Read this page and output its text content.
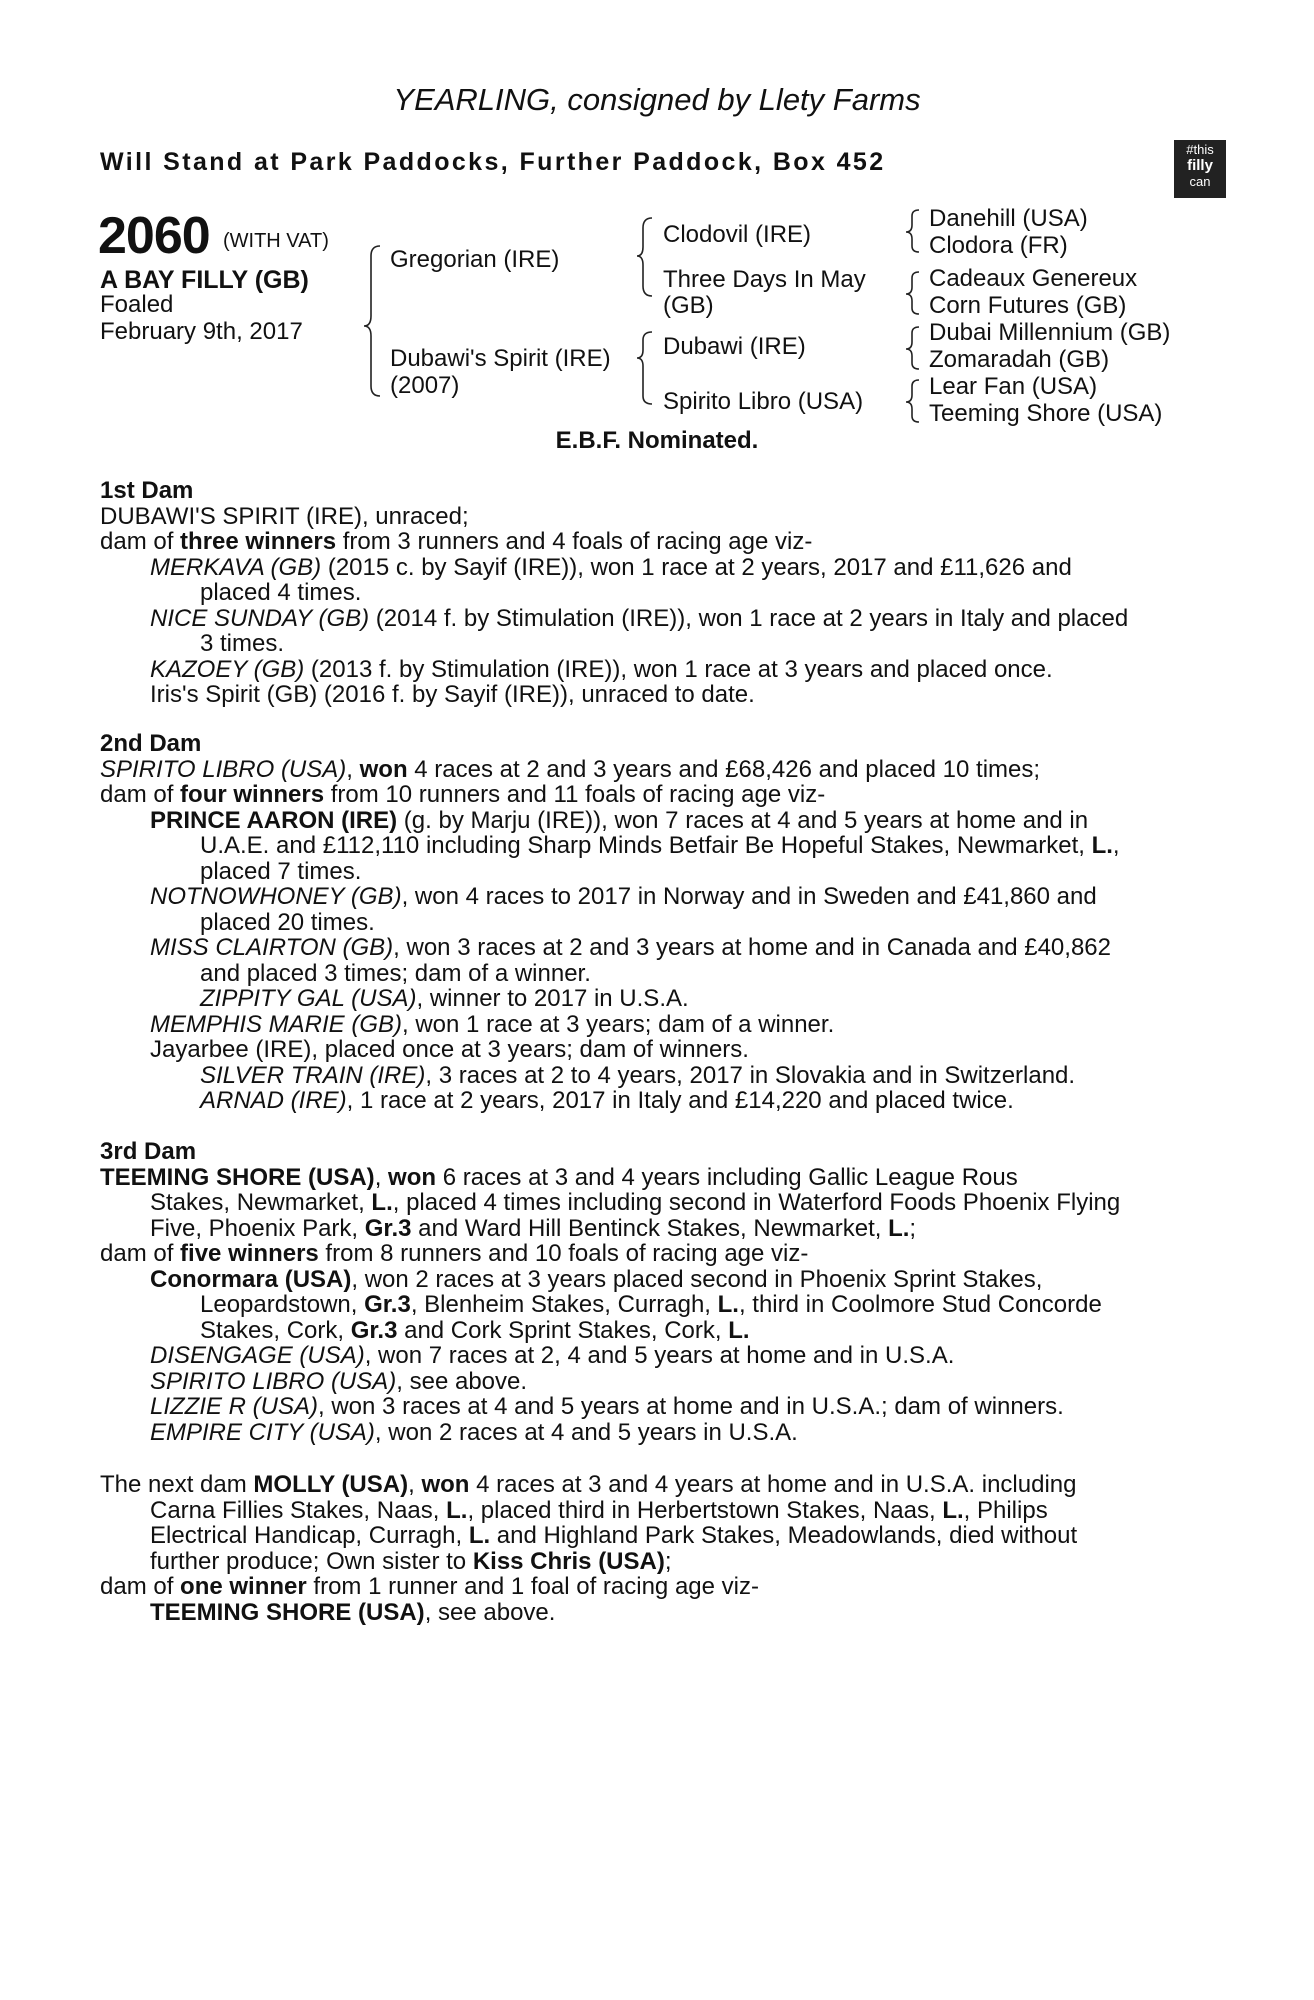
YEARLING, consigned by Llety Farms
Will Stand at Park Paddocks, Further Paddock, Box 452	#this
filly
can
2060 (WITH VAT)
A BAY FILLY (GB)
Foaled
February 9th, 2017
Gregorian (IRE)
Dubawi's Spirit (IRE)
(2007)
Clodovil (IRE)
Three Days In May
(GB)
Dubawi (IRE)
Spirito Libro (USA)
Danehill (USA)
Clodora (FR)
Cadeaux Genereux
Corn Futures (GB)
Dubai Millennium (GB)
Zomaradah (GB)
Lear Fan (USA)
Teeming Shore (USA)
E.B.F. Nominated.
1st Dam
DUBAWI'S SPIRIT (IRE), unraced;
dam of three winners from 3 runners and 4 foals of racing age viz-
MERKAVA (GB) (2015 c. by Sayif (IRE)), won 1 race at 2 years, 2017 and £11,626 and
placed 4 times.
NICE SUNDAY (GB) (2014 f. by Stimulation (IRE)), won 1 race at 2 years in Italy and placed
3 times.
KAZOEY (GB) (2013 f. by Stimulation (IRE)), won 1 race at 3 years and placed once.
Iris's Spirit (GB) (2016 f. by Sayif (IRE)), unraced to date.
2nd Dam
SPIRITO LIBRO (USA), won 4 races at 2 and 3 years and £68,426 and placed 10 times;
dam of four winners from 10 runners and 11 foals of racing age viz-
PRINCE AARON (IRE) (g. by Marju (IRE)), won 7 races at 4 and 5 years at home and in
U.A.E. and £112,110 including Sharp Minds Betfair Be Hopeful Stakes, Newmarket, L.,
placed 7 times.
NOTNOWHONEY (GB), won 4 races to 2017 in Norway and in Sweden and £41,860 and
placed 20 times.
MISS CLAIRTON (GB), won 3 races at 2 and 3 years at home and in Canada and £40,862
and placed 3 times; dam of a winner.
ZIPPITY GAL (USA), winner to 2017 in U.S.A.
MEMPHIS MARIE (GB), won 1 race at 3 years; dam of a winner.
Jayarbee (IRE), placed once at 3 years; dam of winners.
SILVER TRAIN (IRE), 3 races at 2 to 4 years, 2017 in Slovakia and in Switzerland.
ARNAD (IRE), 1 race at 2 years, 2017 in Italy and £14,220 and placed twice.
3rd Dam
TEEMING SHORE (USA), won 6 races at 3 and 4 years including Gallic League Rous
Stakes, Newmarket, L., placed 4 times including second in Waterford Foods Phoenix Flying
Five, Phoenix Park, Gr.3 and Ward Hill Bentinck Stakes, Newmarket, L.;
dam of five winners from 8 runners and 10 foals of racing age viz-
Conormara (USA), won 2 races at 3 years placed second in Phoenix Sprint Stakes,
Leopardstown, Gr.3, Blenheim Stakes, Curragh, L., third in Coolmore Stud Concorde
Stakes, Cork, Gr.3 and Cork Sprint Stakes, Cork, L.
DISENGAGE (USA), won 7 races at 2, 4 and 5 years at home and in U.S.A.
SPIRITO LIBRO (USA), see above.
LIZZIE R (USA), won 3 races at 4 and 5 years at home and in U.S.A.; dam of winners.
EMPIRE CITY (USA), won 2 races at 4 and 5 years in U.S.A.
The next dam MOLLY (USA), won 4 races at 3 and 4 years at home and in U.S.A. including
Carna Fillies Stakes, Naas, L., placed third in Herbertstown Stakes, Naas, L., Philips
Electrical Handicap, Curragh, L. and Highland Park Stakes, Meadowlands, died without
further produce; Own sister to Kiss Chris (USA);
dam of one winner from 1 runner and 1 foal of racing age viz-
TEEMING SHORE (USA), see above.
